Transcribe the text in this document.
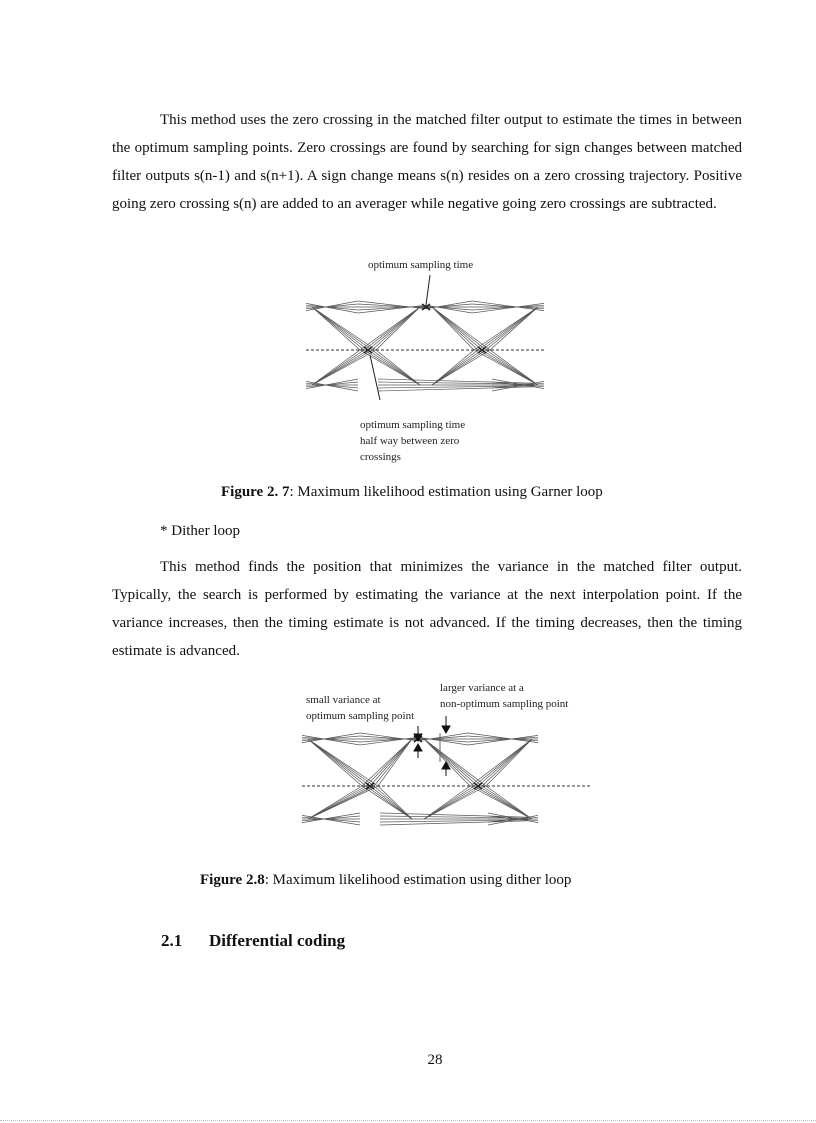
This method uses the zero crossing in the matched filter output to estimate the times in between the optimum sampling points. Zero crossings are found by searching for sign changes between matched filter outputs s(n-1) and s(n+1). A sign change means s(n) resides on a zero crossing trajectory. Positive going zero crossing s(n) are added to an averager while negative going zero crossings are subtracted.

optimum sampling time
optimum sampling time
half way between zero
crossings
Figure 2. 7: Maximum likelihood estimation using Garner loop
* Dither loop

This method finds the position that minimizes the variance in the matched filter output. Typically, the search is performed by estimating the variance at the next interpolation point. If the variance increases, then the timing estimate is not advanced. If the timing decreases, then the timing estimate is advanced.

small variance at
optimum sampling point
larger variance at a
non-optimum sampling point
Figure 2.8: Maximum likelihood estimation using dither loop
2.1 Differential coding
28
